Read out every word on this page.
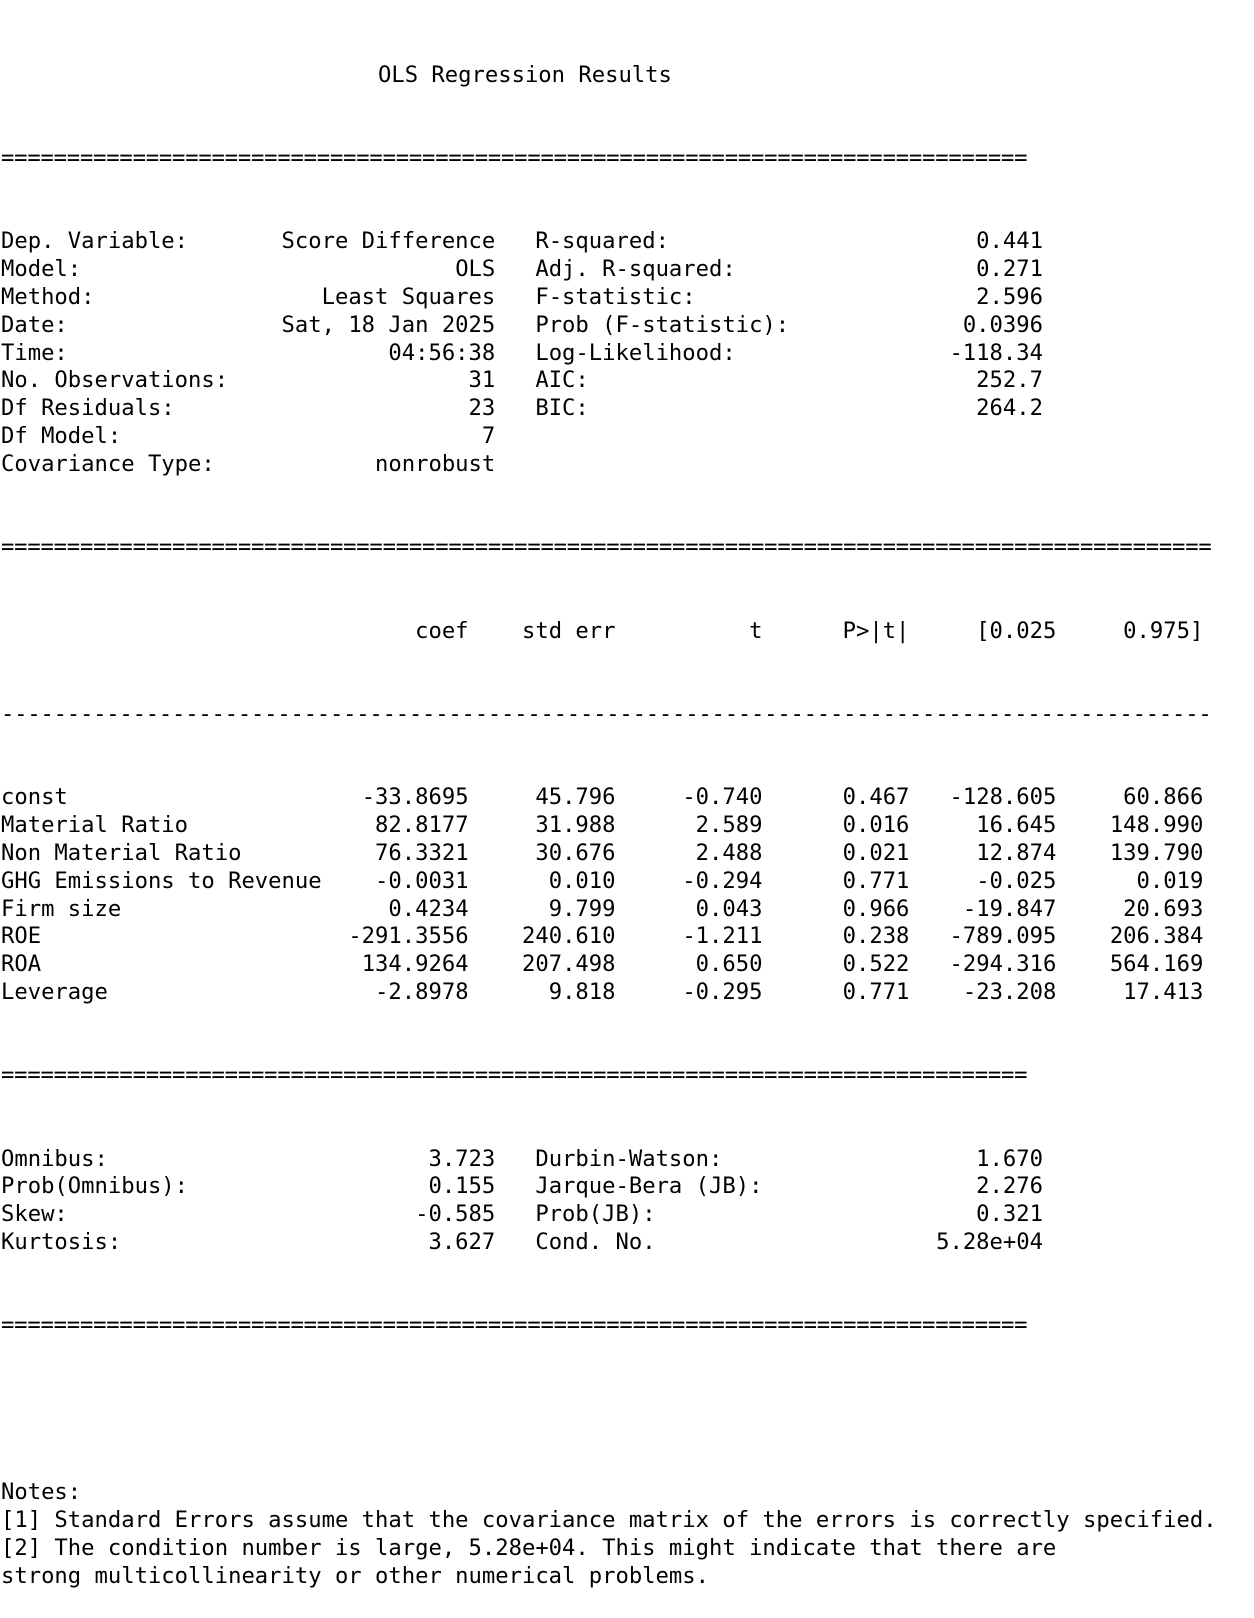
OLS Regression Results

==============================================================================

Dep. Variable:	Score Difference R-squared:	0.441
Model:	OLS Adj. R-squared:	0.271
Method:	Least Squares F-statistic:	2.596
Date:	Sat, 18 Jan 2025 Prob (F-statistic):	0.0396
Time:	04:56:38 Log-Likelihood:	-118.34
No. Observations:	31 AIC:	252.7
Df Residuals:	23 BIC:	264.2
Df Model:	7
Covariance Type:	nonrobust

============================================================================================

coef std err	t	P>|t|	[0.025	0.975]

--------------------------------------------------------------------------------------------

const	-33.8695	45.796	-0.740	0.467 -128.605	60.866
Material Ratio	82.8177	31.988	2.589	0.016	16.645 148.990
Non Material Ratio	76.3321	30.676	2.488	0.021	12.874 139.790
GHG Emissions to Revenue -0.0031	0.010	-0.294	0.771	-0.025	0.019
Firm size	0.4234	9.799	0.043	0.966 -19.847	20.693
ROE	-291.3556 240.610	-1.211	0.238 -789.095 206.384
ROA	134.9264 207.498	0.650	0.522 -294.316 564.169
Leverage	-2.8978	9.818	-0.295	0.771 -23.208	17.413

==============================================================================

Omnibus:	3.723 Durbin-Watson:	1.670
Prob(Omnibus):	0.155 Jarque-Bera (JB):	2.276
Skew:	-0.585 Prob(JB):	0.321
Kurtosis:	3.627 Cond. No.	5.28e+04

==============================================================================

Notes:
[1] Standard Errors assume that the covariance matrix of the errors is correctly specified.
[2] The condition number is large, 5.28e+04. This might indicate that there are
strong multicollinearity or other numerical problems.
